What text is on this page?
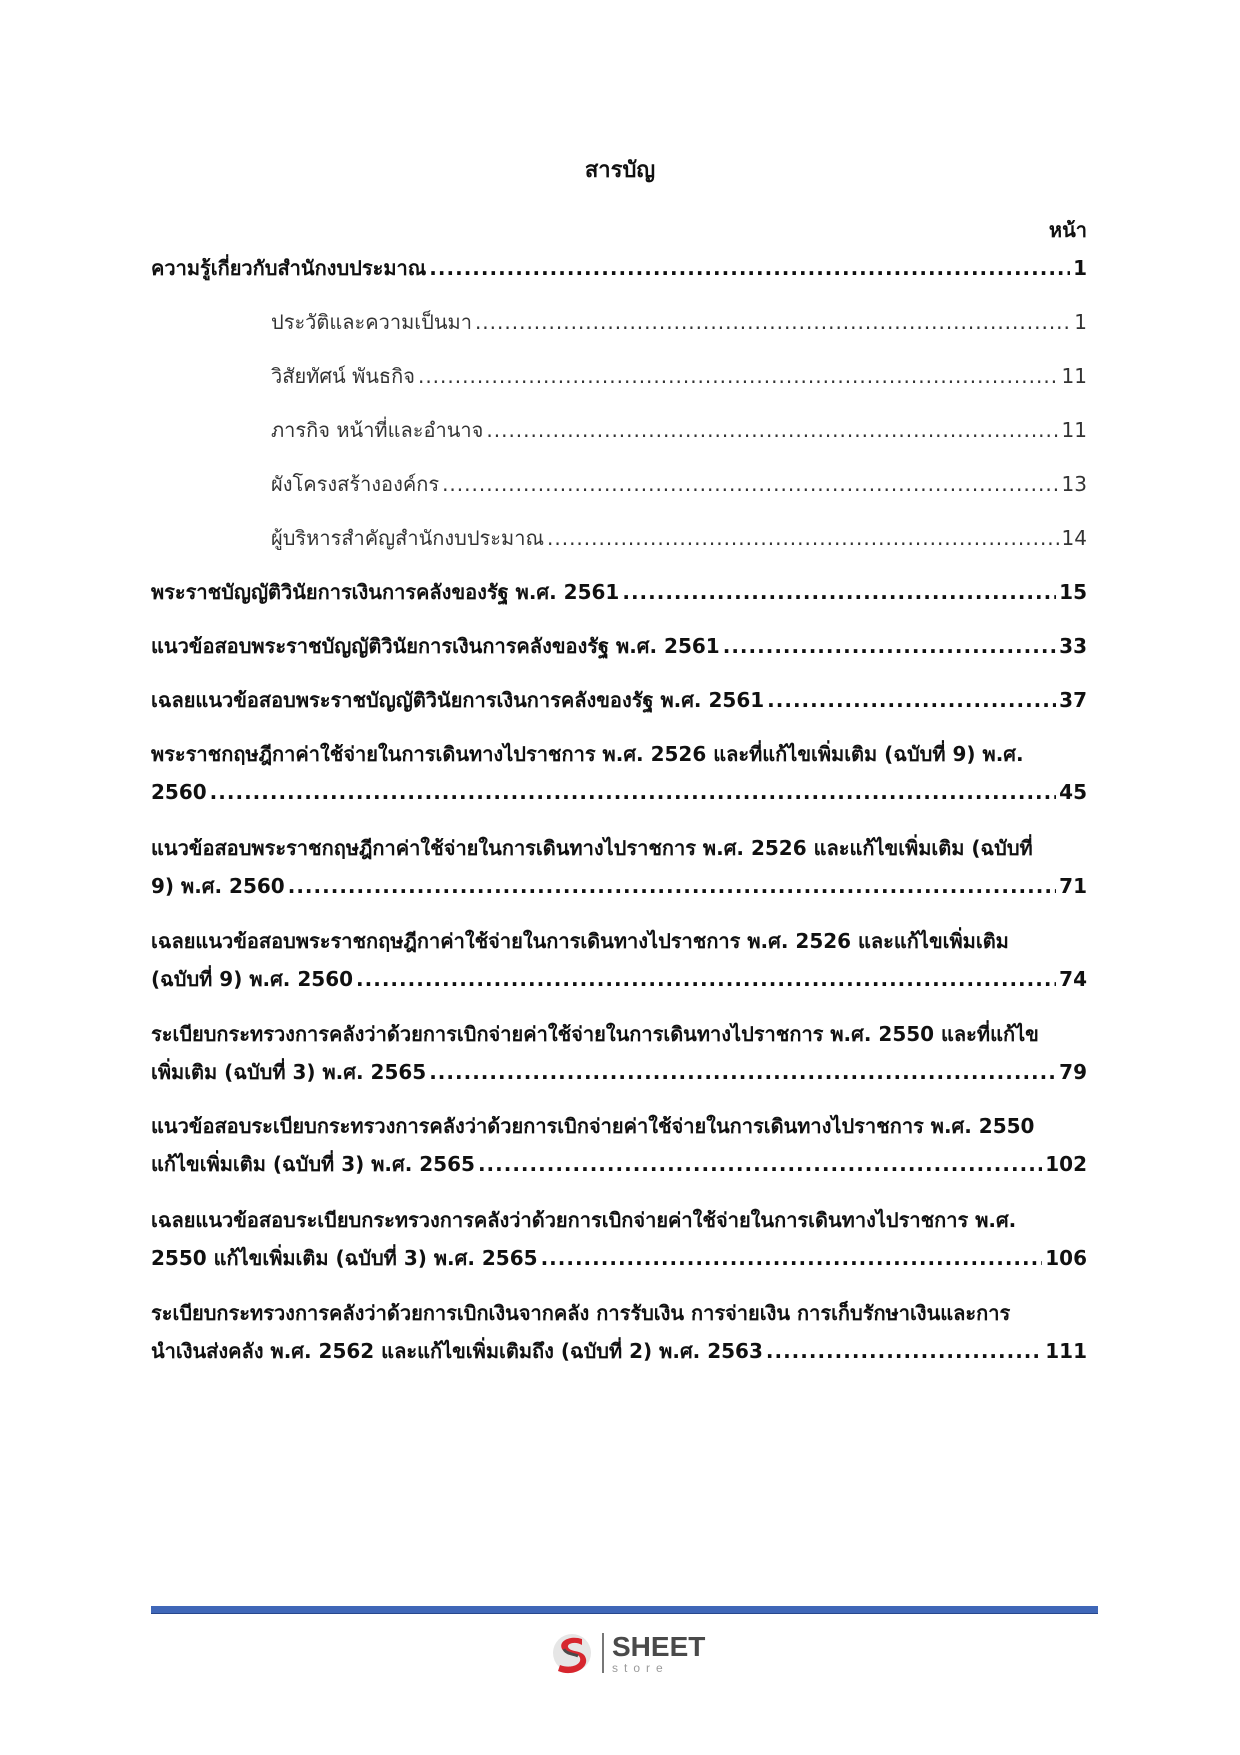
สารบัญ
หน้า
ความรู้เกี่ยวกับสำนักงบประมาณ .....	1
ประวัติและความเป็นมา .....	1
วิสัยทัศน์ พันธกิจ .....	11
ภารกิจ หน้าที่และอำนาจ .....	11
ผังโครงสร้างองค์กร .....	13
ผู้บริหารสำคัญสำนักงบประมาณ .....	14
พระราชบัญญัติวินัยการเงินการคลังของรัฐ พ.ศ. 2561 .....	15
แนวข้อสอบพระราชบัญญัติวินัยการเงินการคลังของรัฐ พ.ศ. 2561 .....	33
เฉลยแนวข้อสอบพระราชบัญญัติวินัยการเงินการคลังของรัฐ พ.ศ. 2561 .....	37
พระราชกฤษฎีกาค่าใช้จ่ายในการเดินทางไปราชการ พ.ศ. 2526 และที่แก้ไขเพิ่มเติม (ฉบับที่ 9) พ.ศ.
2560 .....	45
แนวข้อสอบพระราชกฤษฎีกาค่าใช้จ่ายในการเดินทางไปราชการ พ.ศ. 2526 และแก้ไขเพิ่มเติม (ฉบับที่
9) พ.ศ. 2560 .....	71
เฉลยแนวข้อสอบพระราชกฤษฎีกาค่าใช้จ่ายในการเดินทางไปราชการ พ.ศ. 2526 และแก้ไขเพิ่มเติม
(ฉบับที่ 9) พ.ศ. 2560 .....	74
ระเบียบกระทรวงการคลังว่าด้วยการเบิกจ่ายค่าใช้จ่ายในการเดินทางไปราชการ พ.ศ. 2550 และที่แก้ไข
เพิ่มเติม (ฉบับที่ 3) พ.ศ. 2565 .....	79
แนวข้อสอบระเบียบกระทรวงการคลังว่าด้วยการเบิกจ่ายค่าใช้จ่ายในการเดินทางไปราชการ พ.ศ. 2550
แก้ไขเพิ่มเติม (ฉบับที่ 3) พ.ศ. 2565 .....	102
เฉลยแนวข้อสอบระเบียบกระทรวงการคลังว่าด้วยการเบิกจ่ายค่าใช้จ่ายในการเดินทางไปราชการ พ.ศ.
2550 แก้ไขเพิ่มเติม (ฉบับที่ 3) พ.ศ. 2565 .....	106
ระเบียบกระทรวงการคลังว่าด้วยการเบิกเงินจากคลัง การรับเงิน การจ่ายเงิน การเก็บรักษาเงินและการ
นำเงินส่งคลัง พ.ศ. 2562 และแก้ไขเพิ่มเติมถึง (ฉบับที่ 2) พ.ศ. 2563 .....	111
SHEET
store
